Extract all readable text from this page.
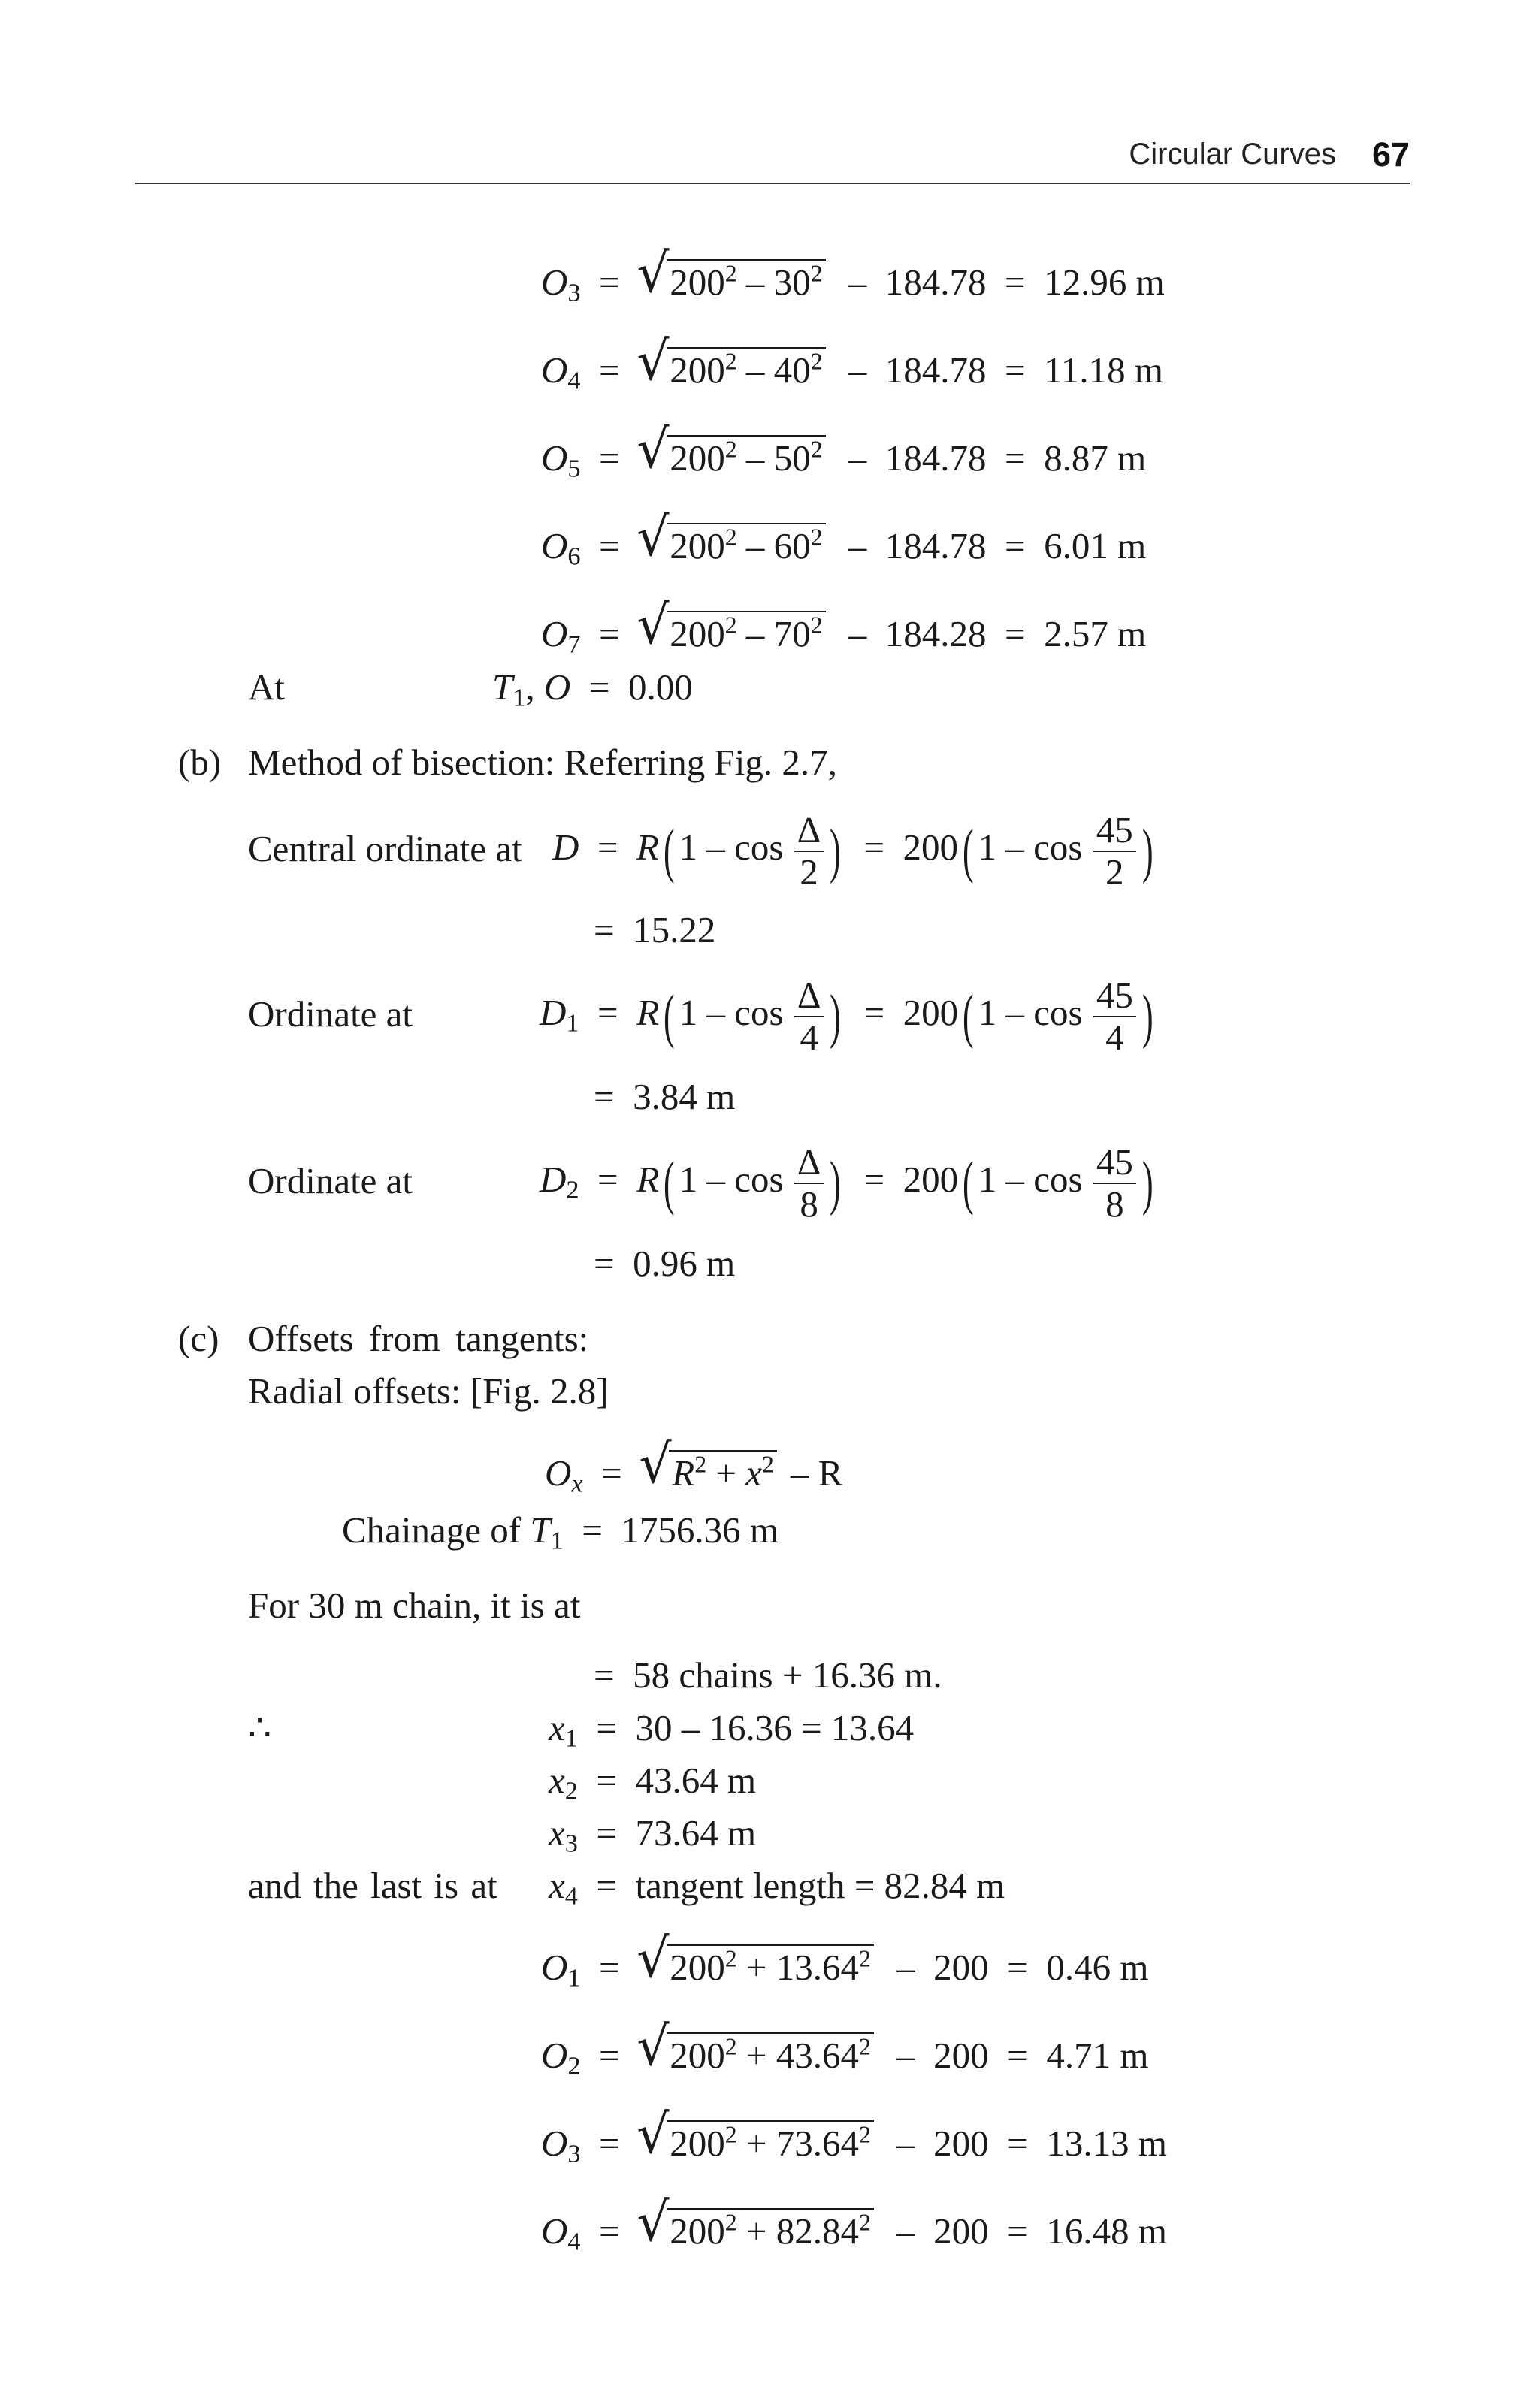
Circular Curves 67
$O_3$  =  √ $200^2 - 30^2 - 184.78 = 12.96$ m
$O_4$  =  √ $200^2 - 40^2 - 184.78 = 11.18$ m
$O_5$  =  √ $200^2 - 50^2 - 184.78 = 8.87$ m
$O_6$  =  √ $200^2 - 60^2 - 184.78 = 6.01$ m
$O_7$  =  √ $200^2 - 70^2 - 184.28 = 2.57$ m
At	$T_1$, O  =  0.00
(b) Method of bisection: Referring Fig. 2.7,
Central ordinate at D  =  R( $1 - \cos \frac{\Delta}{2}$ )  =  200( $1 - \cos \frac{45}{2}$ )
=  15.22
Ordinate at	$D_1 = R$( $1 - \cos \frac{\Delta}{4}$ )  =  200( $1 - \cos \frac{45}{4}$ )
=  3.84 m
Ordinate at	$D_2 = R$( $1 - \cos \frac{\Delta}{8}$ )  =  200( $1 - \cos \frac{45}{8}$ )
=  0.96 m
(c) Offsets from tangents:
Radial offsets: [Fig. 2.8]
$O_x$  =  √ $R^2 + x^2 - R$
Chainage of $T_1 = 1756.36$ m
For 30 m chain, it is at
=  58 chains + 16.36 m.
∴	$x_1 = 30 - 16.36 = 13.64$
$x_2 = 43.64$ m
$x_3 = 73.64$ m
and the last is at $x_4$  =  tangent length = 82.84 m
$O_1$  =  √ $200^2 + 13.64^2 - 200 = 0.46$ m
$O_2$  =  √ $200^2 + 43.64^2 - 200 = 4.71$ m
$O_3$  =  √ $200^2 + 73.64^2 - 200 = 13.13$ m
$O_4$  =  √ $200^2 + 82.84^2 - 200 = 16.48$ m
